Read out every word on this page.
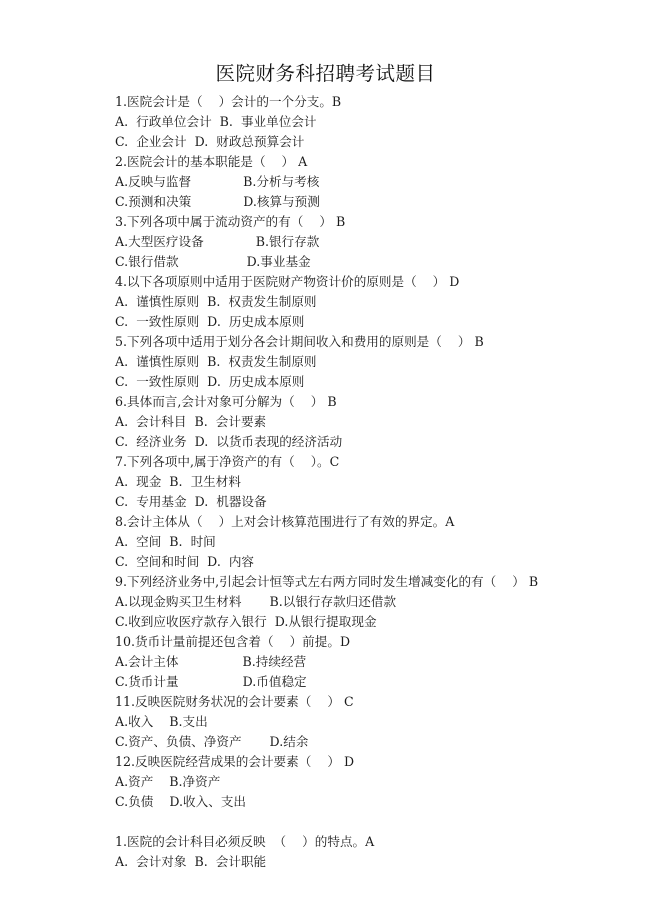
医院财务科招聘考试题目
1.医院会计是（    ）会计的一个分支。B
A.  行政单位会计  B.  事业单位会计
C.  企业会计  D.  财政总预算会计
2.医院会计的基本职能是（    ） A
A.反映与监督             B.分析与考核
C.预测和决策             D.核算与预测
3.下列各项中属于流动资产的有（    ） B
A.大型医疗设备             B.银行存款
C.银行借款                 D.事业基金
4.以下各项原则中适用于医院财产物资计价的原则是（    ） D
A.  谨慎性原则  B.  权责发生制原则
C.  一致性原则  D.  历史成本原则
5.下列各项中适用于划分各会计期间收入和费用的原则是（    ） B
A.  谨慎性原则  B.  权责发生制原则
C.  一致性原则  D.  历史成本原则
6.具体而言,会计对象可分解为（    ） B
A.  会计科目  B.  会计要素
C.  经济业务  D.  以货币表现的经济活动
7.下列各项中,属于净资产的有（    ）。C
A.  现金  B.  卫生材料
C.  专用基金  D.  机器设备
8.会计主体从（    ）上对会计核算范围进行了有效的界定。A
A.  空间  B.  时间
C.  空间和时间  D.  内容
9.下列经济业务中,引起会计恒等式左右两方同时发生增减变化的有（    ） B
A.以现金购买卫生材料       B.以银行存款归还借款
C.收到应收医疗款存入银行  D.从银行提取现金
10.货币计量前提还包含着（    ）前提。D
A.会计主体                B.持续经营
C.货币计量                D.币值稳定
11.反映医院财务状况的会计要素（    ） C
A.收入    B.支出
C.资产、负债、净资产       D.结余
12.反映医院经营成果的会计要素（    ） D
A.资产    B.净资产
C.负债    D.收入、支出
1.医院的会计科目必须反映  （    ）的特点。A
A.  会计对象  B.  会计职能
